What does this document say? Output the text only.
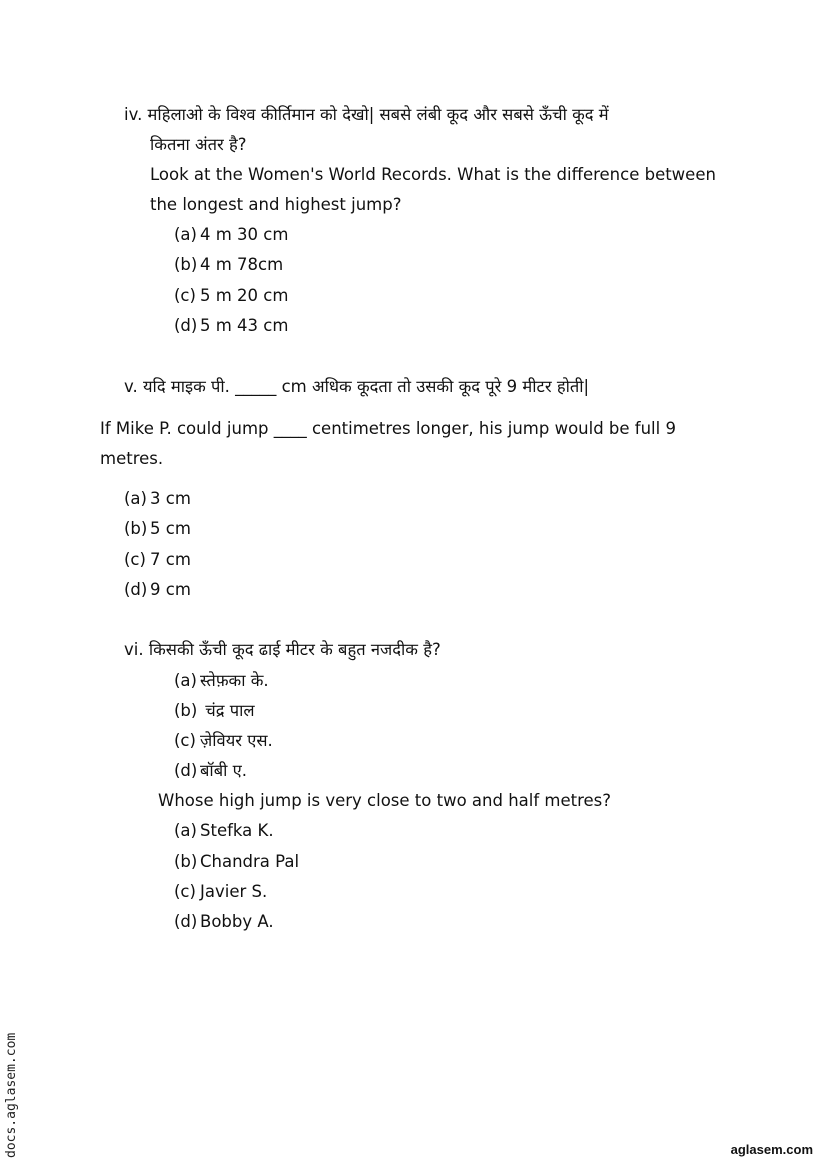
iv. महिलाओ के विश्व कीर्तिमान को देखो| सबसे लंबी कूद और सबसे ऊँची कूद में
कितना अंतर है?
Look at the Women's World Records. What is the difference between
the longest and highest jump?
(a) 4 m 30 cm
(b) 4 m 78cm
(c) 5 m 20 cm
(d) 5 m 43 cm
v. यदि माइक पी. _____ cm अधिक कूदता तो उसकी कूद पूरे 9 मीटर होती|
If Mike P. could jump ____ centimetres longer, his jump would be full 9
metres.
(a) 3 cm
(b) 5 cm
(c) 7 cm
(d) 9 cm
vi. किसकी ऊँची कूद ढाई मीटर के बहुत नजदीक है?
(a) स्तेफ़का के.
(b) चंद्र पाल
(c) ज़ेवियर एस.
(d) बॉबी ए.
Whose high jump is very close to two and half metres?
(a) Stefka K.
(b) Chandra Pal
(c) Javier S.
(d) Bobby A.
docs.aglasem.com	aglasem.com
